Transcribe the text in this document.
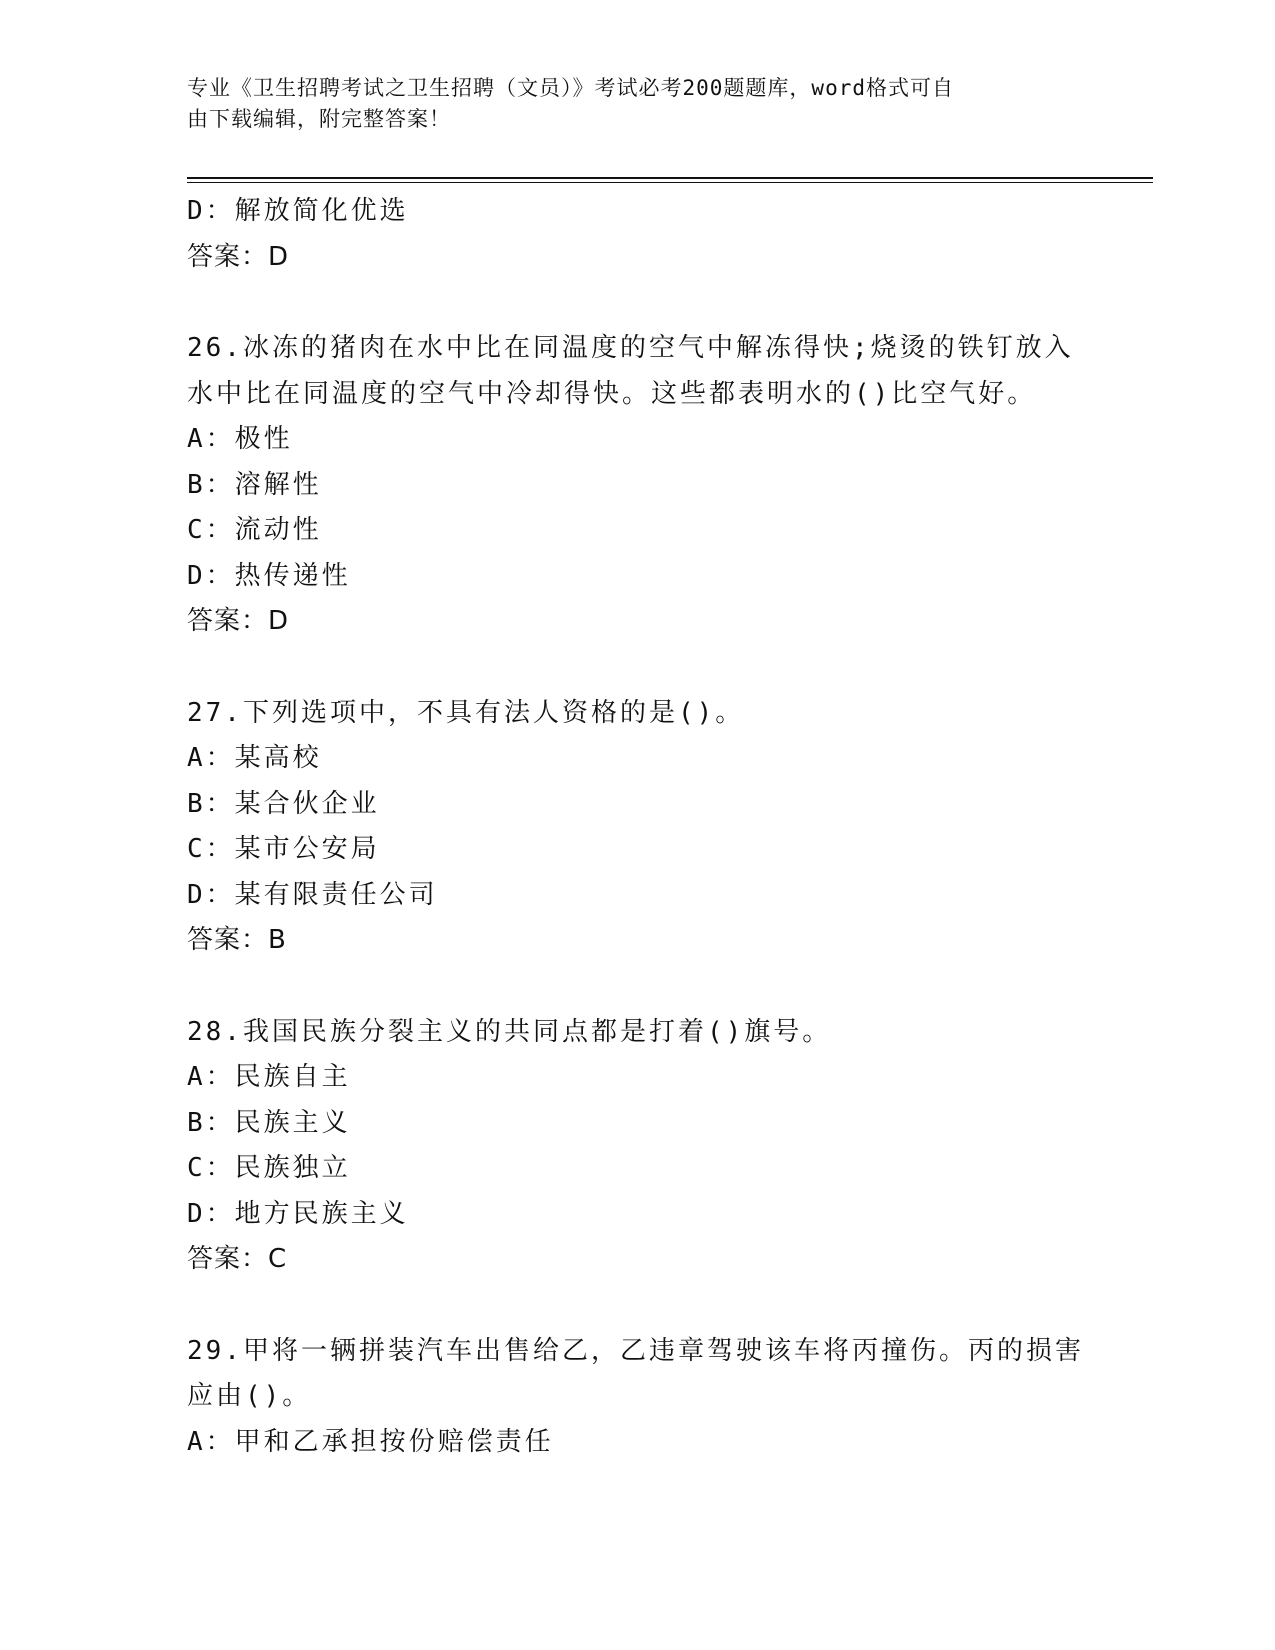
专业《卫生招聘考试之卫生招聘（文员）》考试必考200题题库，word格式可自
由下载编辑，附完整答案！
D：解放简化优选
答案：D
26.冰冻的猪肉在水中比在同温度的空气中解冻得快;烧烫的铁钉放入
水中比在同温度的空气中冷却得快。这些都表明水的()比空气好。
A：极性
B：溶解性
C：流动性
D：热传递性
答案：D
27.下列选项中，不具有法人资格的是()。
A：某高校
B：某合伙企业
C：某市公安局
D：某有限责任公司
答案：B
28.我国民族分裂主义的共同点都是打着()旗号。
A：民族自主
B：民族主义
C：民族独立
D：地方民族主义
答案：C
29.甲将一辆拼装汽车出售给乙，乙违章驾驶该车将丙撞伤。丙的损害
应由()。
A：甲和乙承担按份赔偿责任
